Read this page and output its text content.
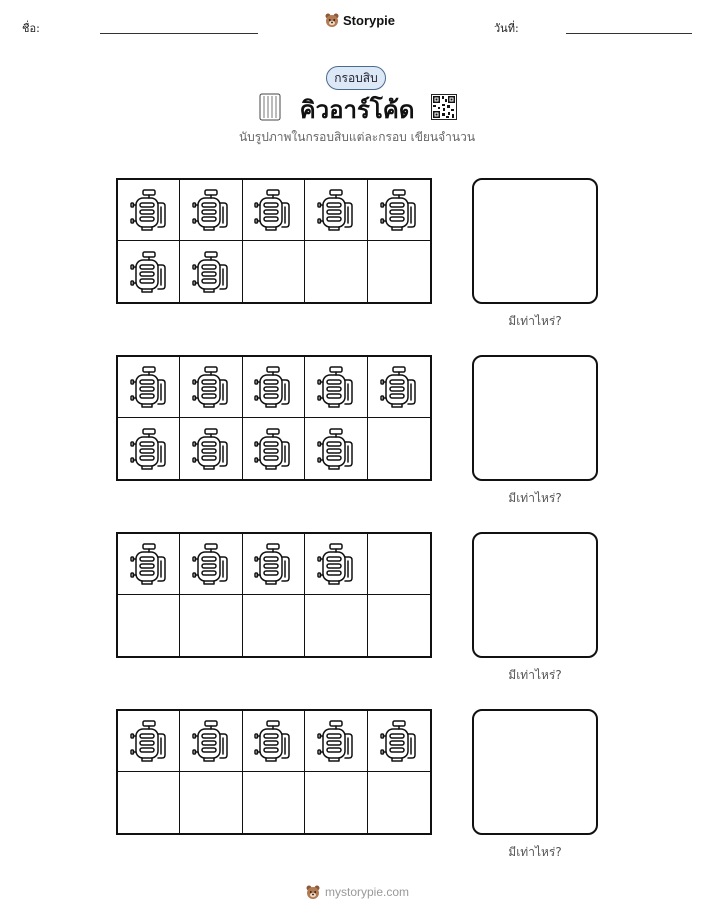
ชื่อ:
Storypie
วันที่:
กรอบสิบ
คิวอาร์โค้ด
นับรูปภาพในกรอบสิบแต่ละกรอบ เขียนจำนวน
มีเท่าไหร่?
มีเท่าไหร่?
มีเท่าไหร่?
มีเท่าไหร่?
mystorypie.com
